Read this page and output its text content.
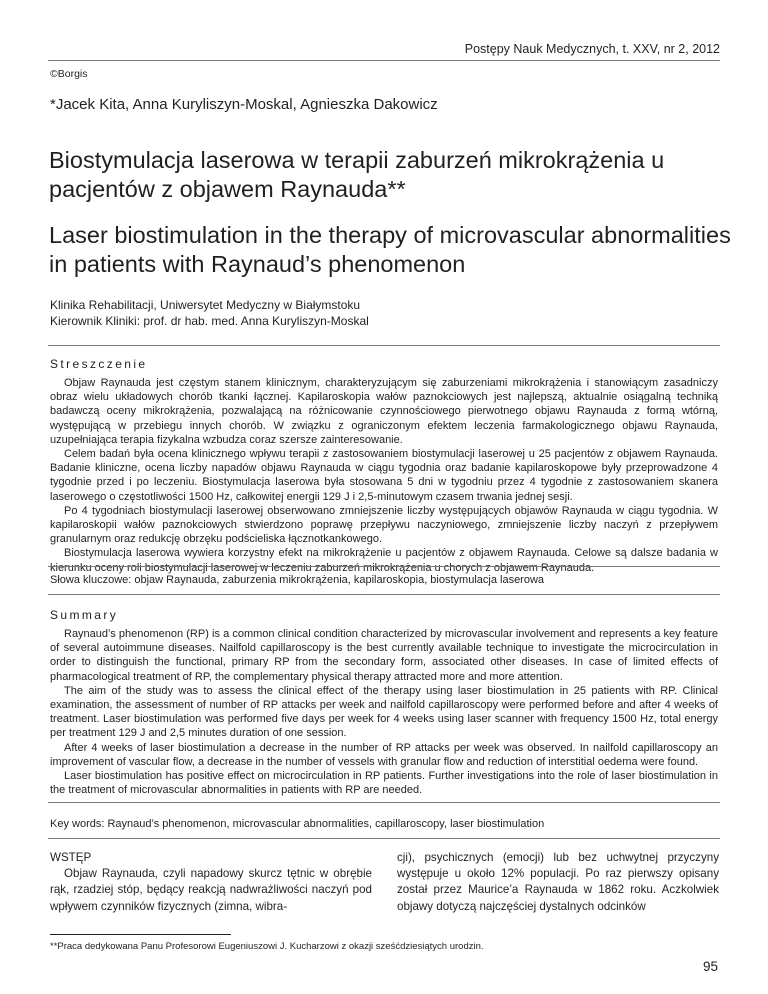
Postępy Nauk Medycznych, t. XXV, nr 2, 2012
©Borgis
*Jacek Kita, Anna Kuryliszyn-Moskal, Agnieszka Dakowicz
Biostymulacja laserowa w terapii zaburzeń mikrokrążenia u pacjentów z objawem Raynauda**
Laser biostimulation in the therapy of microvascular abnormalities in patients with Raynaud’s phenomenon
Klinika Rehabilitacji, Uniwersytet Medyczny w Białymstoku
Kierownik Kliniki: prof. dr hab. med. Anna Kuryliszyn-Moskal
Streszczenie

Objaw Raynauda jest częstym stanem klinicznym, charakteryzującym się zaburzeniami mikrokrążenia i stanowiącym zasadniczy obraz wielu układowych chorób tkanki łącznej. Kapilaroskopia wałów paznokciowych jest najlepszą, aktualnie osiągalną techniką badawczą oceny mikrokrążenia, pozwalającą na różnicowanie czynnościowego pierwotnego objawu Raynauda z formą wtórną, występującą w przebiegu innych chorób. W związku z ograniczonym efektem leczenia farmakologicznego objawu Raynauda, uzupełniająca terapia fizykalna wzbudza coraz szersze zainteresowanie.

Celem badań była ocena klinicznego wpływu terapii z zastosowaniem biostymulacji laserowej u 25 pacjentów z objawem Raynauda. Badanie kliniczne, ocena liczby napadów objawu Raynauda w ciągu tygodnia oraz badanie kapilaroskopowe były przeprowadzone 4 tygodnie przed i po leczeniu. Biostymulacja laserowa była stosowana 5 dni w tygodniu przez 4 tygodnie z zastosowaniem skanera laserowego o częstotliwości 1500 Hz, całkowitej energii 129 J i 2,5-minutowym czasem trwania jednej sesji.

Po 4 tygodniach biostymulacji laserowej obserwowano zmniejszenie liczby występujących objawów Raynauda w ciągu tygodnia. W kapilaroskopii wałów paznokciowych stwierdzono poprawę przepływu naczyniowego, zmniejszenie liczby naczyń z przepływem granularnym oraz redukcję obrzęku podścieliska łącznotkankowego.

Biostymulacja laserowa wywiera korzystny efekt na mikrokrążenie u pacjentów z objawem Raynauda. Celowe są dalsze badania w kierunku oceny roli biostymulacji laserowej w leczeniu zaburzeń mikrokrążenia u chorych z objawem Raynauda.

Słowa kluczowe: objaw Raynauda, zaburzenia mikrokrążenia, kapilaroskopia, biostymulacja laserowa
Summary

Raynaud’s phenomenon (RP) is a common clinical condition characterized by microvascular involvement and represents a key feature of several autoimmune diseases. Nailfold capillaroscopy is the best currently available technique to investigate the microcirculation in order to distinguish the functional, primary RP from the secondary form, associated other diseases. In case of limited effects of pharmacological treatment of RP, the complementary physical therapy attracted more and more attention.

The aim of the study was to assess the clinical effect of the therapy using laser biostimulation in 25 patients with RP. Clinical examination, the assessment of number of RP attacks per week and nailfold capillaroscopy were performed before and after 4 weeks of treatment. Laser biostimulation was performed five days per week for 4 weeks using laser scanner with frequency 1500 Hz, total energy per treatment 129 J and 2,5 minutes duration of one session.

After 4 weeks of laser biostimulation a decrease in the number of RP attacks per week was observed. In nailfold capillaroscopy an improvement of vascular flow, a decrease in the number of vessels with granular flow and reduction of interstitial oedema were found.

Laser biostimulation has positive effect on microcirculation in RP patients. Further investigations into the role of laser biostimulation in the treatment of microvascular abnormalities in patients with RP are needed.

Key words: Raynaud’s phenomenon, microvascular abnormalities, capillaroscopy, laser biostimulation

WSTĘP

Objaw Raynauda, czyli napadowy skurcz tętnic w obrębie rąk, rzadziej stóp, będący reakcją nadwrażliwości naczyń pod wpływem czynników fizycznych (zimna, wibra-

cji), psychicznych (emocji) lub bez uchwytnej przyczyny występuje u około 12% populacji. Po raz pierwszy opisany został przez Maurice’a Raynauda w 1862 roku. Aczkolwiek objawy dotyczą najczęściej dystalnych odcinków

**Praca dedykowana Panu Profesorowi Eugeniuszowi J. Kucharzowi z okazji sześćdziesiątych urodzin.
95
